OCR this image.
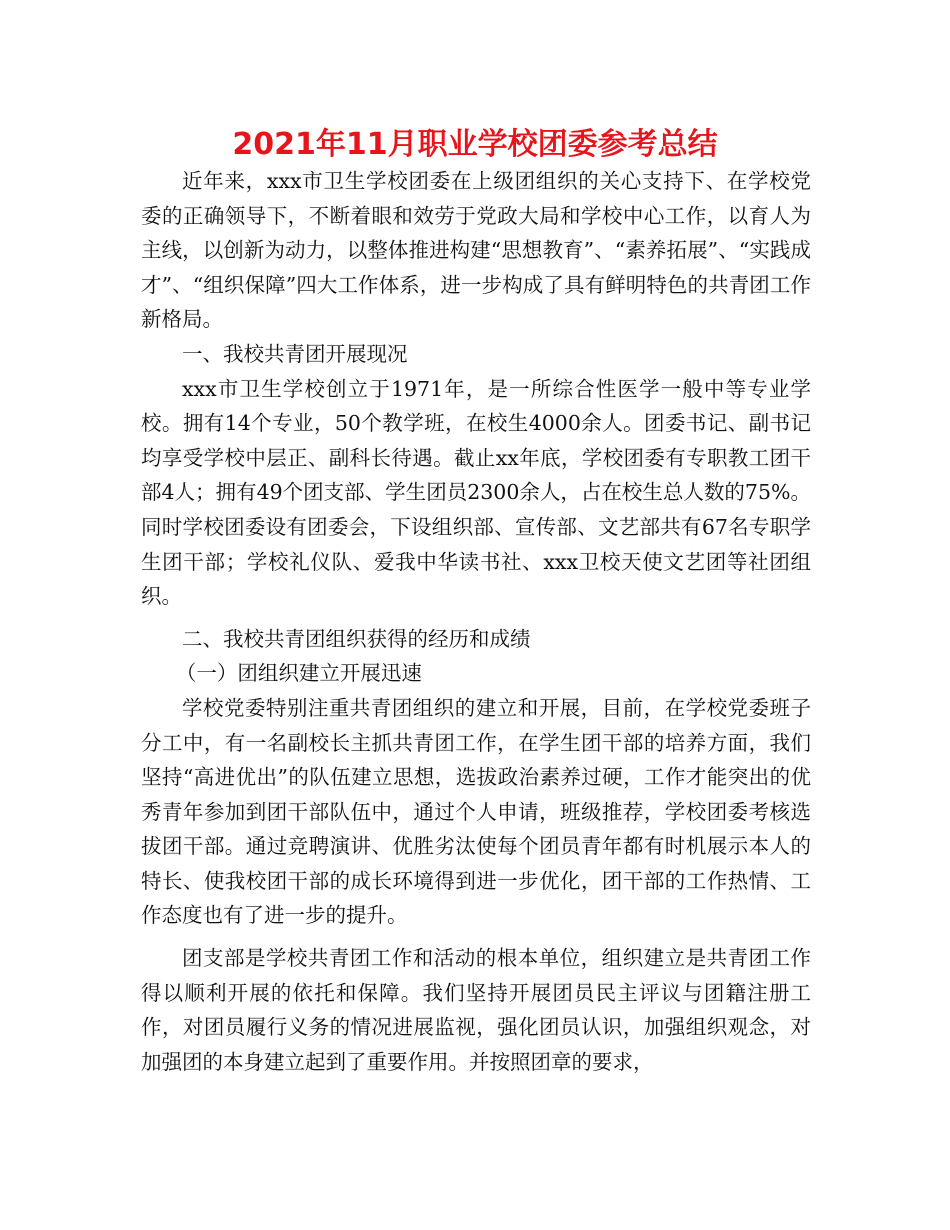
2021年11月职业学校团委参考总结

近年来，xxx市卫生学校团委在上级团组织的关心支持下、在学校党委的正确领导下，不断着眼和效劳于党政大局和学校中心工作，以育人为主线，以创新为动力，以整体推进构建“思想教育”、“素养拓展”、“实践成才”、“组织保障”四大工作体系，进一步构成了具有鲜明特色的共青团工作新格局。

一、我校共青团开展现况

xxx市卫生学校创立于1971年，是一所综合性医学一般中等专业学校。拥有14个专业，50个教学班，在校生4000余人。团委书记、副书记均享受学校中层正、副科长待遇。截止xx年底，学校团委有专职教工团干部4人；拥有49个团支部、学生团员2300余人，占在校生总人数的75%。同时学校团委设有团委会，下设组织部、宣传部、文艺部共有67名专职学生团干部；学校礼仪队、爱我中华读书社、xxx卫校天使文艺团等社团组织。

二、我校共青团组织获得的经历和成绩

（一）团组织建立开展迅速

学校党委特别注重共青团组织的建立和开展，目前，在学校党委班子分工中，有一名副校长主抓共青团工作，在学生团干部的培养方面，我们坚持“高进优出”的队伍建立思想，选拔政治素养过硬，工作才能突出的优秀青年参加到团干部队伍中，通过个人申请，班级推荐，学校团委考核选拔团干部。通过竞聘演讲、优胜劣汰使每个团员青年都有时机展示本人的特长、使我校团干部的成长环境得到进一步优化，团干部的工作热情、工作态度也有了进一步的提升。

团支部是学校共青团工作和活动的根本单位，组织建立是共青团工作得以顺利开展的依托和保障。我们坚持开展团员民主评议与团籍注册工作，对团员履行义务的情况进展监视，强化团员认识，加强组织观念，对加强团的本身建立起到了重要作用。并按照团章的要求，
